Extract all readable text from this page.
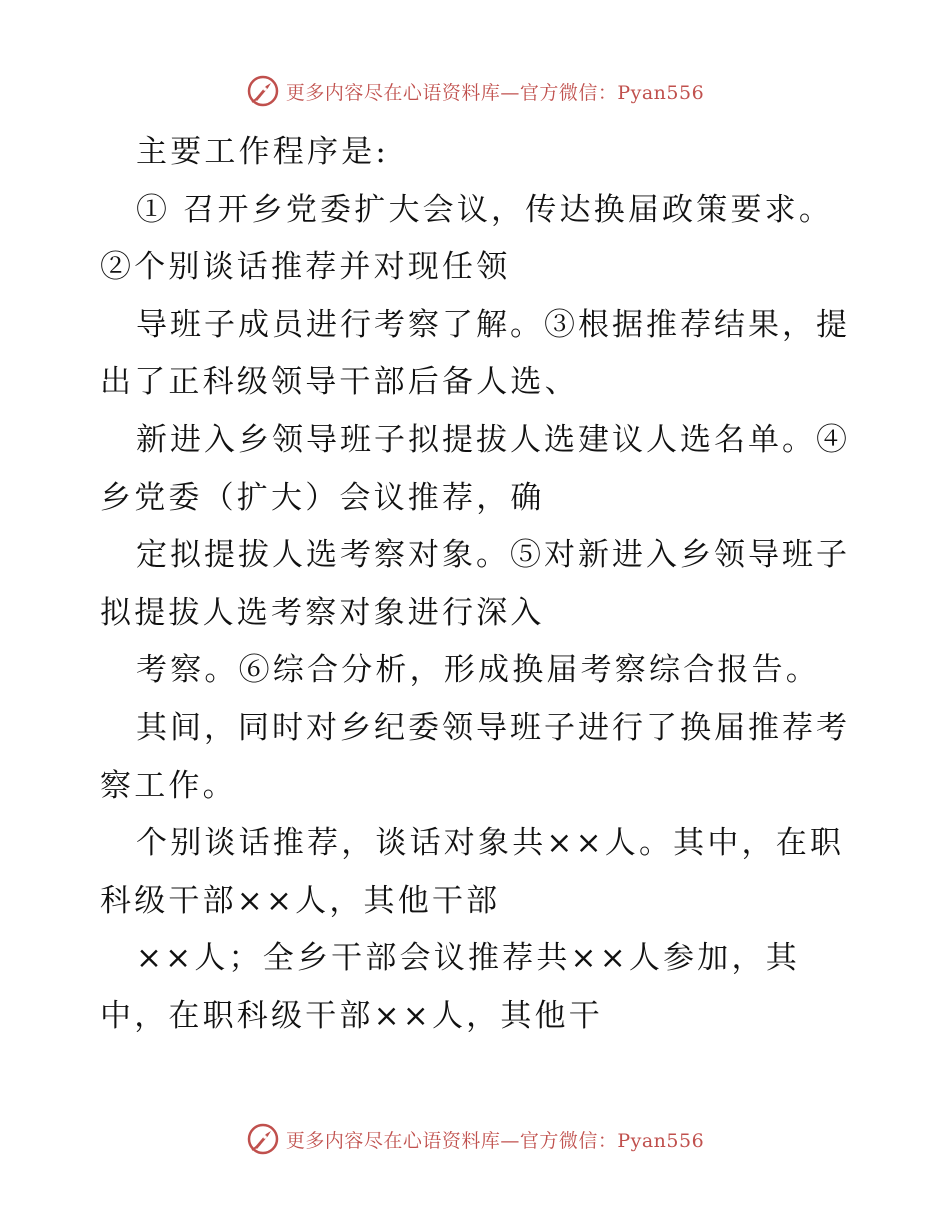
更多内容尽在心语资料库—官方微信：Pyan556
主要工作程序是:
① 召开乡党委扩大会议，传达换届政策要求。
②个别谈话推荐并对现任领
导班子成员进行考察了解。③根据推荐结果，提
出了正科级领导干部后备人选、
新进入乡领导班子拟提拔人选建议人选名单。④
乡党委（扩大）会议推荐，确
定拟提拔人选考察对象。⑤对新进入乡领导班子
拟提拔人选考察对象进行深入
考察。⑥综合分析，形成换届考察综合报告。
其间，同时对乡纪委领导班子进行了换届推荐考
察工作。
个别谈话推荐，谈话对象共××人。其中，在职
科级干部××人，其他干部
××人；全乡干部会议推荐共××人参加，其
中，在职科级干部××人，其他干
更多内容尽在心语资料库—官方微信：Pyan556
